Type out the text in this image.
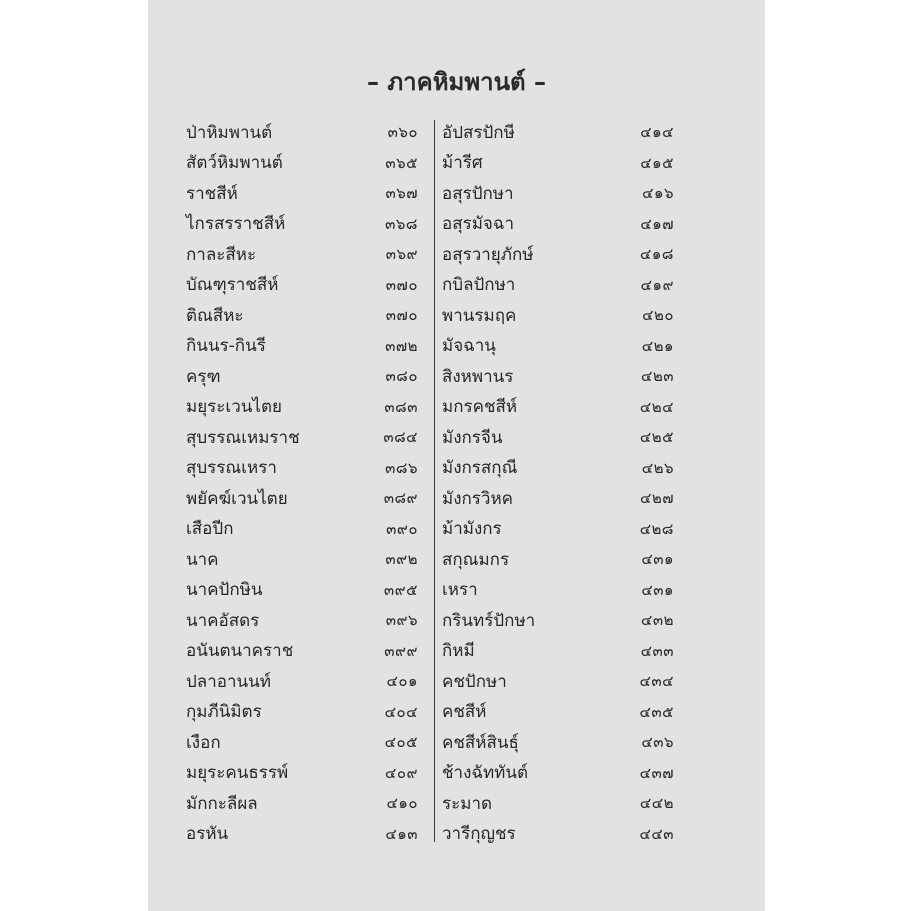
– ภาคหิมพานต์ –
ป่าหิมพานต์	๓๖๐
สัตว์หิมพานต์	๓๖๕
ราชสีห์	๓๖๗
ไกรสรราชสีห์	๓๖๘
กาละสีหะ	๓๖๙
บัณฑุราชสีห์	๓๗๐
ติณสีหะ	๓๗๐
กินนร-กินรี	๓๗๒
ครุฑ	๓๘๐
มยุระเวนไตย	๓๘๓
สุบรรณเหมราช	๓๘๔
สุบรรณเหรา	๓๘๖
พยัคฆ์เวนไตย	๓๘๙
เสือปีก	๓๙๐
นาค	๓๙๒
นาคปักษิน	๓๙๕
นาคอัสดร	๓๙๖
อนันตนาคราช	๓๙๙
ปลาอานนท์	๔๐๑
กุมภีนิมิตร	๔๐๔
เงือก	๔๐๕
มยุระคนธรรพ์	๔๐๙
มักกะลีผล	๔๑๐
อรหัน	๔๑๓
อัปสรปักษี	๔๑๔
ม้ารีศ	๔๑๕
อสุรปักษา	๔๑๖
อสุรมัจฉา	๔๑๗
อสุรวายุภักษ์	๔๑๘
กบิลปักษา	๔๑๙
พานรมฤค	๔๒๐
มัจฉานุ	๔๒๑
สิงหพานร	๔๒๓
มกรคชสีห์	๔๒๔
มังกรจีน	๔๒๕
มังกรสกุณี	๔๒๖
มังกรวิหค	๔๒๗
ม้ามังกร	๔๒๘
สกุณมกร	๔๓๑
เหรา	๔๓๑
กรินทร์ปักษา	๔๓๒
กิหมี	๔๓๓
คชปักษา	๔๓๔
คชสีห์	๔๓๕
คชสีห์สินธุ์	๔๓๖
ช้างฉัททันต์	๔๓๗
ระมาด	๔๔๒
วารีกุญชร	๔๔๓
